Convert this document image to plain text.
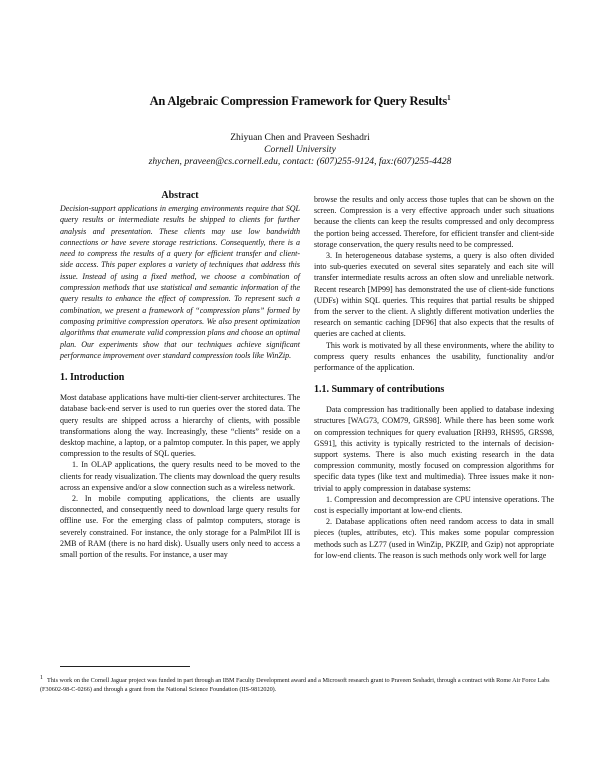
An Algebraic Compression Framework for Query Results$^1$
Zhiyuan Chen and Praveen Seshadri
Cornell University
zhychen, praveen@cs.cornell.edu, contact: (607)255-9124, fax:(607)255-4428
Abstract

Decision-support applications in emerging environments require that SQL query results or intermediate results be shipped to clients for further analysis and presentation. These clients may use low bandwidth connections or have severe storage restrictions. Consequently, there is a need to compress the results of a query for efficient transfer and client-side access. This paper explores a variety of techniques that address this issue. Instead of using a fixed method, we choose a combination of compression methods that use statistical and semantic information of the query results to enhance the effect of compression. To represent such a combination, we present a framework of “compression plans” formed by composing primitive compression operators. We also present optimization algorithms that enumerate valid compression plans and choose an optimal plan. Our experiments show that our techniques achieve significant performance improvement over standard compression tools like WinZip.

1. Introduction

Most database applications have multi-tier client-server architectures. The database back-end server is used to run queries over the stored data. The query results are shipped across a hierarchy of clients, with possible transformations along the way. Increasingly, these “clients” reside on a desktop machine, a laptop, or a palmtop computer. In this paper, we apply compression to the results of SQL queries.

1. In OLAP applications, the query results need to be moved to the clients for ready visualization. The clients may download the query results across an expensive and/or a slow connection such as a wireless network.

2. In mobile computing applications, the clients are usually disconnected, and consequently need to download large query results for offline use. For the emerging class of palmtop computers, storage is severely constrained. For instance, the only storage for a PalmPilot III is 2MB of RAM (there is no hard disk). Usually users only need to access a small portion of the results. For instance, a user may

browse the results and only access those tuples that can be shown on the screen. Compression is a very effective approach under such situations because the clients can keep the results compressed and only decompress the portion being accessed. Therefore, for efficient transfer and client-side storage conservation, the query results need to be compressed.

3. In heterogeneous database systems, a query is also often divided into sub-queries executed on several sites separately and each site will transfer intermediate results across an often slow and unreliable network. Recent research [MP99] has demonstrated the use of client-side functions (UDFs) within SQL queries. This requires that partial results be shipped from the server to the client. A slightly different motivation underlies the research on semantic caching [DF96] that also expects that the results of queries are cached at clients.

This work is motivated by all these environments, where the ability to compress query results enhances the usability, functionality and/or performance of the application.

1.1. Summary of contributions

Data compression has traditionally been applied to database indexing structures [WAG73, COM79, GRS98]. While there has been some work on compression techniques for query evaluation [RH93, RHS95, GRS98, GS91], this activity is typically restricted to the internals of decision-support systems. There is also much existing research in the data compression community, mostly focused on compression algorithms for specific data types (like text and multimedia). Three issues make it non-trivial to apply compression in database systems:

1. Compression and decompression are CPU intensive operations. The cost is especially important at low-end clients.

2. Database applications often need random access to data in small pieces (tuples, attributes, etc). This makes some popular compression methods such as LZ77 (used in WinZip, PKZIP, and Gzip) not appropriate for low-end clients. The reason is such methods only work well for large

$^1$ This work on the Cornell Jaguar project was funded in part through an IBM Faculty Development award and a Microsoft research grant to Praveen Seshadri, through a contract with Rome Air Force Labs (F30602-98-C-0266) and through a grant from the National Science Foundation (IIS-9812020).
